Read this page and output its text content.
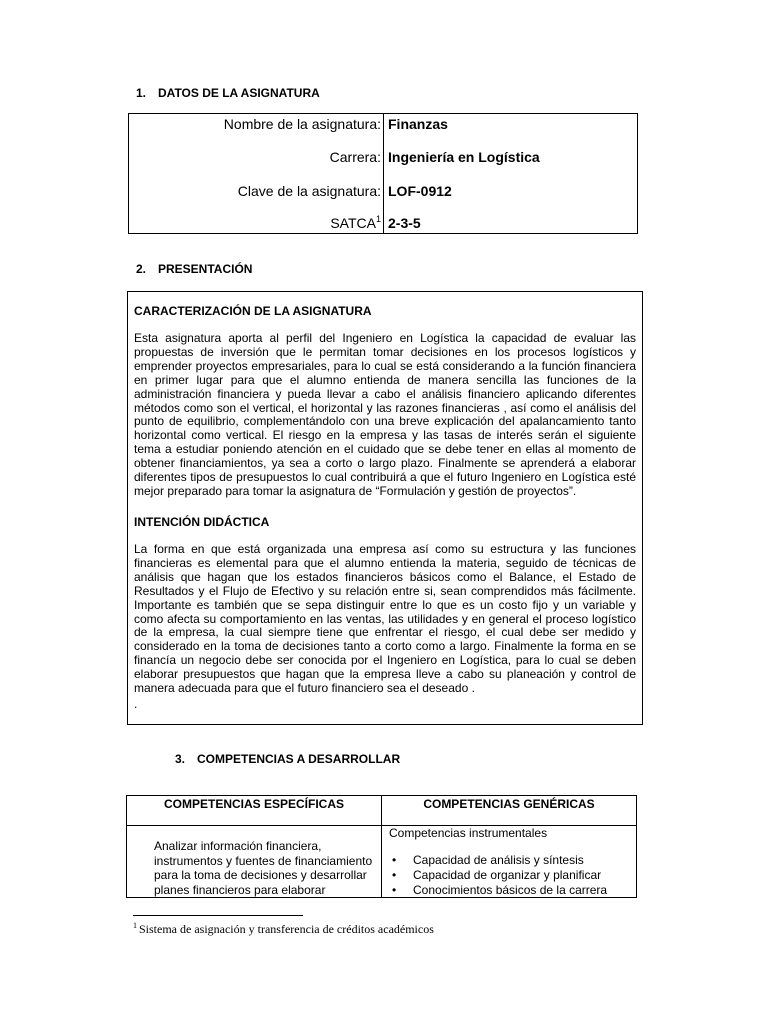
1. DATOS DE LA ASIGNATURA
Nombre de la asignatura: Finanzas
Carrera: Ingeniería en Logística
Clave de la asignatura: LOF-0912
SATCA$^1$ 2-3-5
2. PRESENTACIÓN
CARACTERIZACIÓN DE LA ASIGNATURA
Esta asignatura aporta al perfil del Ingeniero en Logística la capacidad de evaluar las propuestas de inversión que le permitan tomar decisiones en los procesos logísticos y emprender proyectos empresariales, para lo cual se está considerando a la función financiera en primer lugar para que el alumno entienda de manera sencilla las funciones de la administración financiera y pueda llevar a cabo el análisis financiero aplicando diferentes métodos como son el vertical, el horizontal y las razones financieras , así como el análisis del punto de equilibrio, complementándolo con una breve explicación del apalancamiento tanto horizontal como vertical. El riesgo en la empresa y las tasas de interés serán el siguiente tema a estudiar poniendo atención en el cuidado que se debe tener en ellas al momento de obtener financiamientos, ya sea a corto o largo plazo. Finalmente se aprenderá a elaborar diferentes tipos de presupuestos lo cual contribuirá a que el futuro Ingeniero en Logística esté mejor preparado para tomar la asignatura de “Formulación y gestión de proyectos”.
INTENCIÓN DIDÁCTICA
La forma en que está organizada una empresa así como su estructura y las funciones financieras es elemental para que el alumno entienda la materia, seguido de técnicas de análisis que hagan que los estados financieros básicos como el Balance, el Estado de Resultados y el Flujo de Efectivo y su relación entre si, sean comprendidos más fácilmente. Importante es también que se sepa distinguir entre lo que es un costo fijo y un variable y como afecta su comportamiento en las ventas, las utilidades y en general el proceso logístico de la empresa, la cual siempre tiene que enfrentar el riesgo, el cual debe ser medido y considerado en la toma de decisiones tanto a corto como a largo. Finalmente la forma en se financía un negocio debe ser conocida por el Ingeniero en Logística, para lo cual se deben elaborar presupuestos que hagan que la empresa lleve a cabo su planeación y control de manera adecuada para que el futuro financiero sea el deseado .
.
3. COMPETENCIAS A DESARROLLAR
COMPETENCIAS ESPECÍFICAS	COMPETENCIAS GENÉRICAS
Analizar información financiera,
instrumentos y fuentes de financiamiento
para la toma de decisiones y desarrollar
planes financieros para elaborar
Competencias instrumentales
• Capacidad de análisis y síntesis
• Capacidad de organizar y planificar
• Conocimientos básicos de la carrera
$^1$ Sistema de asignación y transferencia de créditos académicos
